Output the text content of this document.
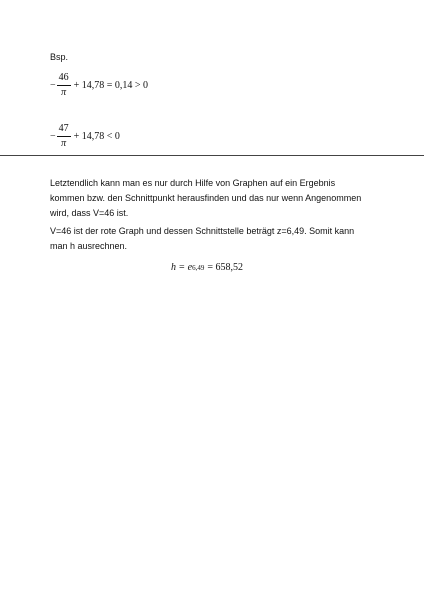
Bsp.
− $\frac{46}{\pi} + 14,78 = 0,14 > 0$
− $\frac{47}{\pi} + 14,78 < 0$
Letztendlich kann man es nur durch Hilfe von Graphen auf ein Ergebnis
kommen bzw. den Schnittpunkt herausfinden und das nur wenn Angenommen
wird, dass V=46 ist.
V=46 ist der rote Graph und dessen Schnittstelle beträgt z=6,49. Somit kann
man h ausrechnen.
h = e 6,49 = 658,52
